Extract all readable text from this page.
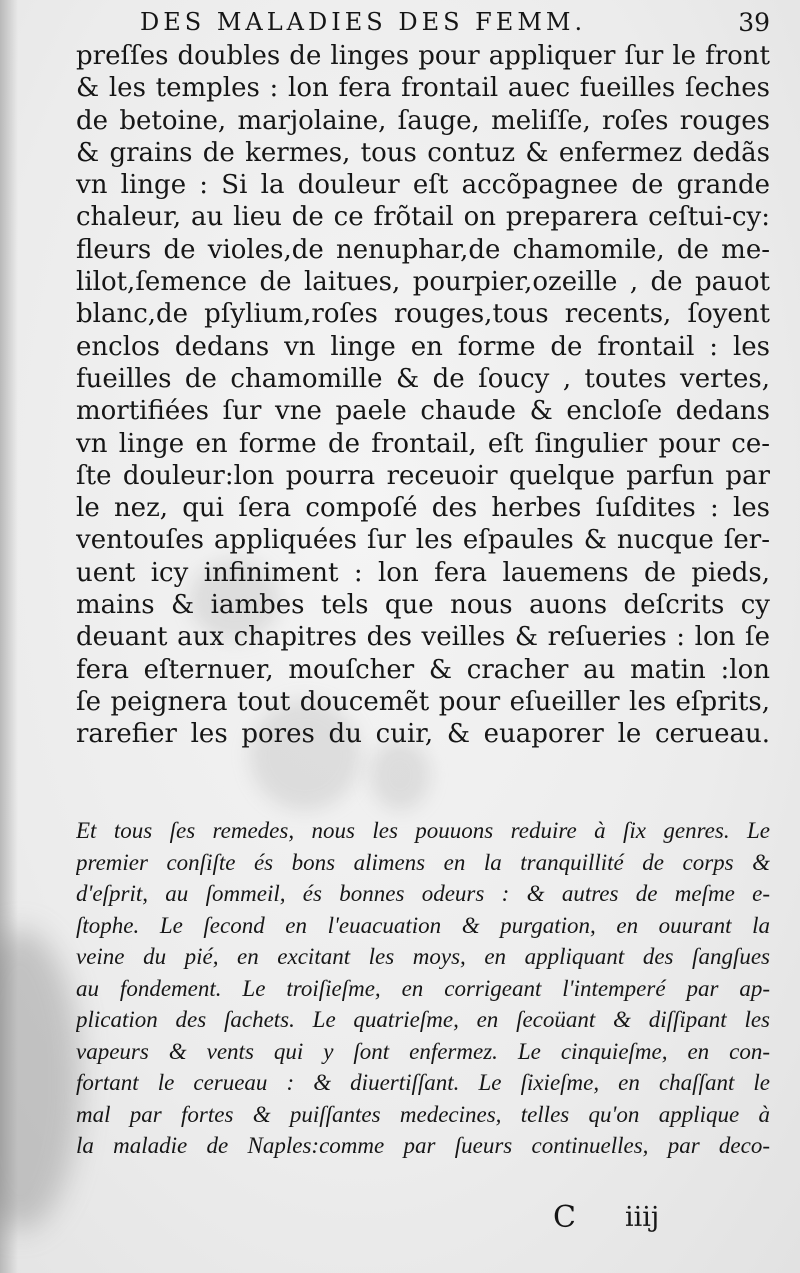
DES MALADIES DES FEMM.	39
preſſes doubles de linges pour appliquer ſur le front
& les temples : lon fera frontail auec fueilles ſeches
de betoine, marjolaine, ſauge, meliſſe, roſes rouges
& grains de kermes, tous contuz & enfermez dedãs
vn linge : Si la douleur eſt accõpagnee de grande
chaleur, au lieu de ce frõtail on preparera ceſtui-cy:
fleurs de violes,de nenuphar,de chamomile, de me-
lilot,ſemence de laitues, pourpier,ozeille , de pauot
blanc,de pſylium,roſes rouges,tous recents, ſoyent
enclos dedans vn linge en forme de frontail : les
fueilles de chamomille & de ſoucy , toutes vertes,
mortifiées ſur vne paele chaude & encloſe dedans
vn linge en forme de frontail, eſt ſingulier pour ce-
ſte douleur:lon pourra receuoir quelque parfun par
le nez, qui ſera compoſé des herbes ſuſdites : les
ventouſes appliquées ſur les eſpaules & nucque ſer-
uent icy infiniment : lon fera lauemens de pieds,
mains & iambes tels que nous auons deſcrits cy
deuant aux chapitres des veilles & reſueries : lon ſe
fera eſternuer, mouſcher & cracher au matin :lon
ſe peignera tout doucemẽt pour eſueiller les eſprits,
rarefier les pores du cuir, & euaporer le cerueau.
Et tous ſes remedes, nous les pouuons reduire à ſix genres. Le
premier conſiſte és bons alimens en la tranquillité de corps &
d'eſprit, au ſommeil, és bonnes odeurs : & autres de meſme e-
ſtophe. Le ſecond en l'euacuation & purgation, en ouurant la
veine du pié, en excitant les moys, en appliquant des ſangſues
au fondement. Le troiſieſme, en corrigeant l'intemperé par ap-
plication des ſachets. Le quatrieſme, en ſecoüant & diſſipant les
vapeurs & vents qui y ſont enfermez. Le cinquieſme, en con-
fortant le cerueau : & diuertiſſant. Le ſixieſme, en chaſſant le
mal par fortes & puiſſantes medecines, telles qu'on applique à
la maladie de Naples:comme par ſueurs continuelles, par deco-
C iiij
